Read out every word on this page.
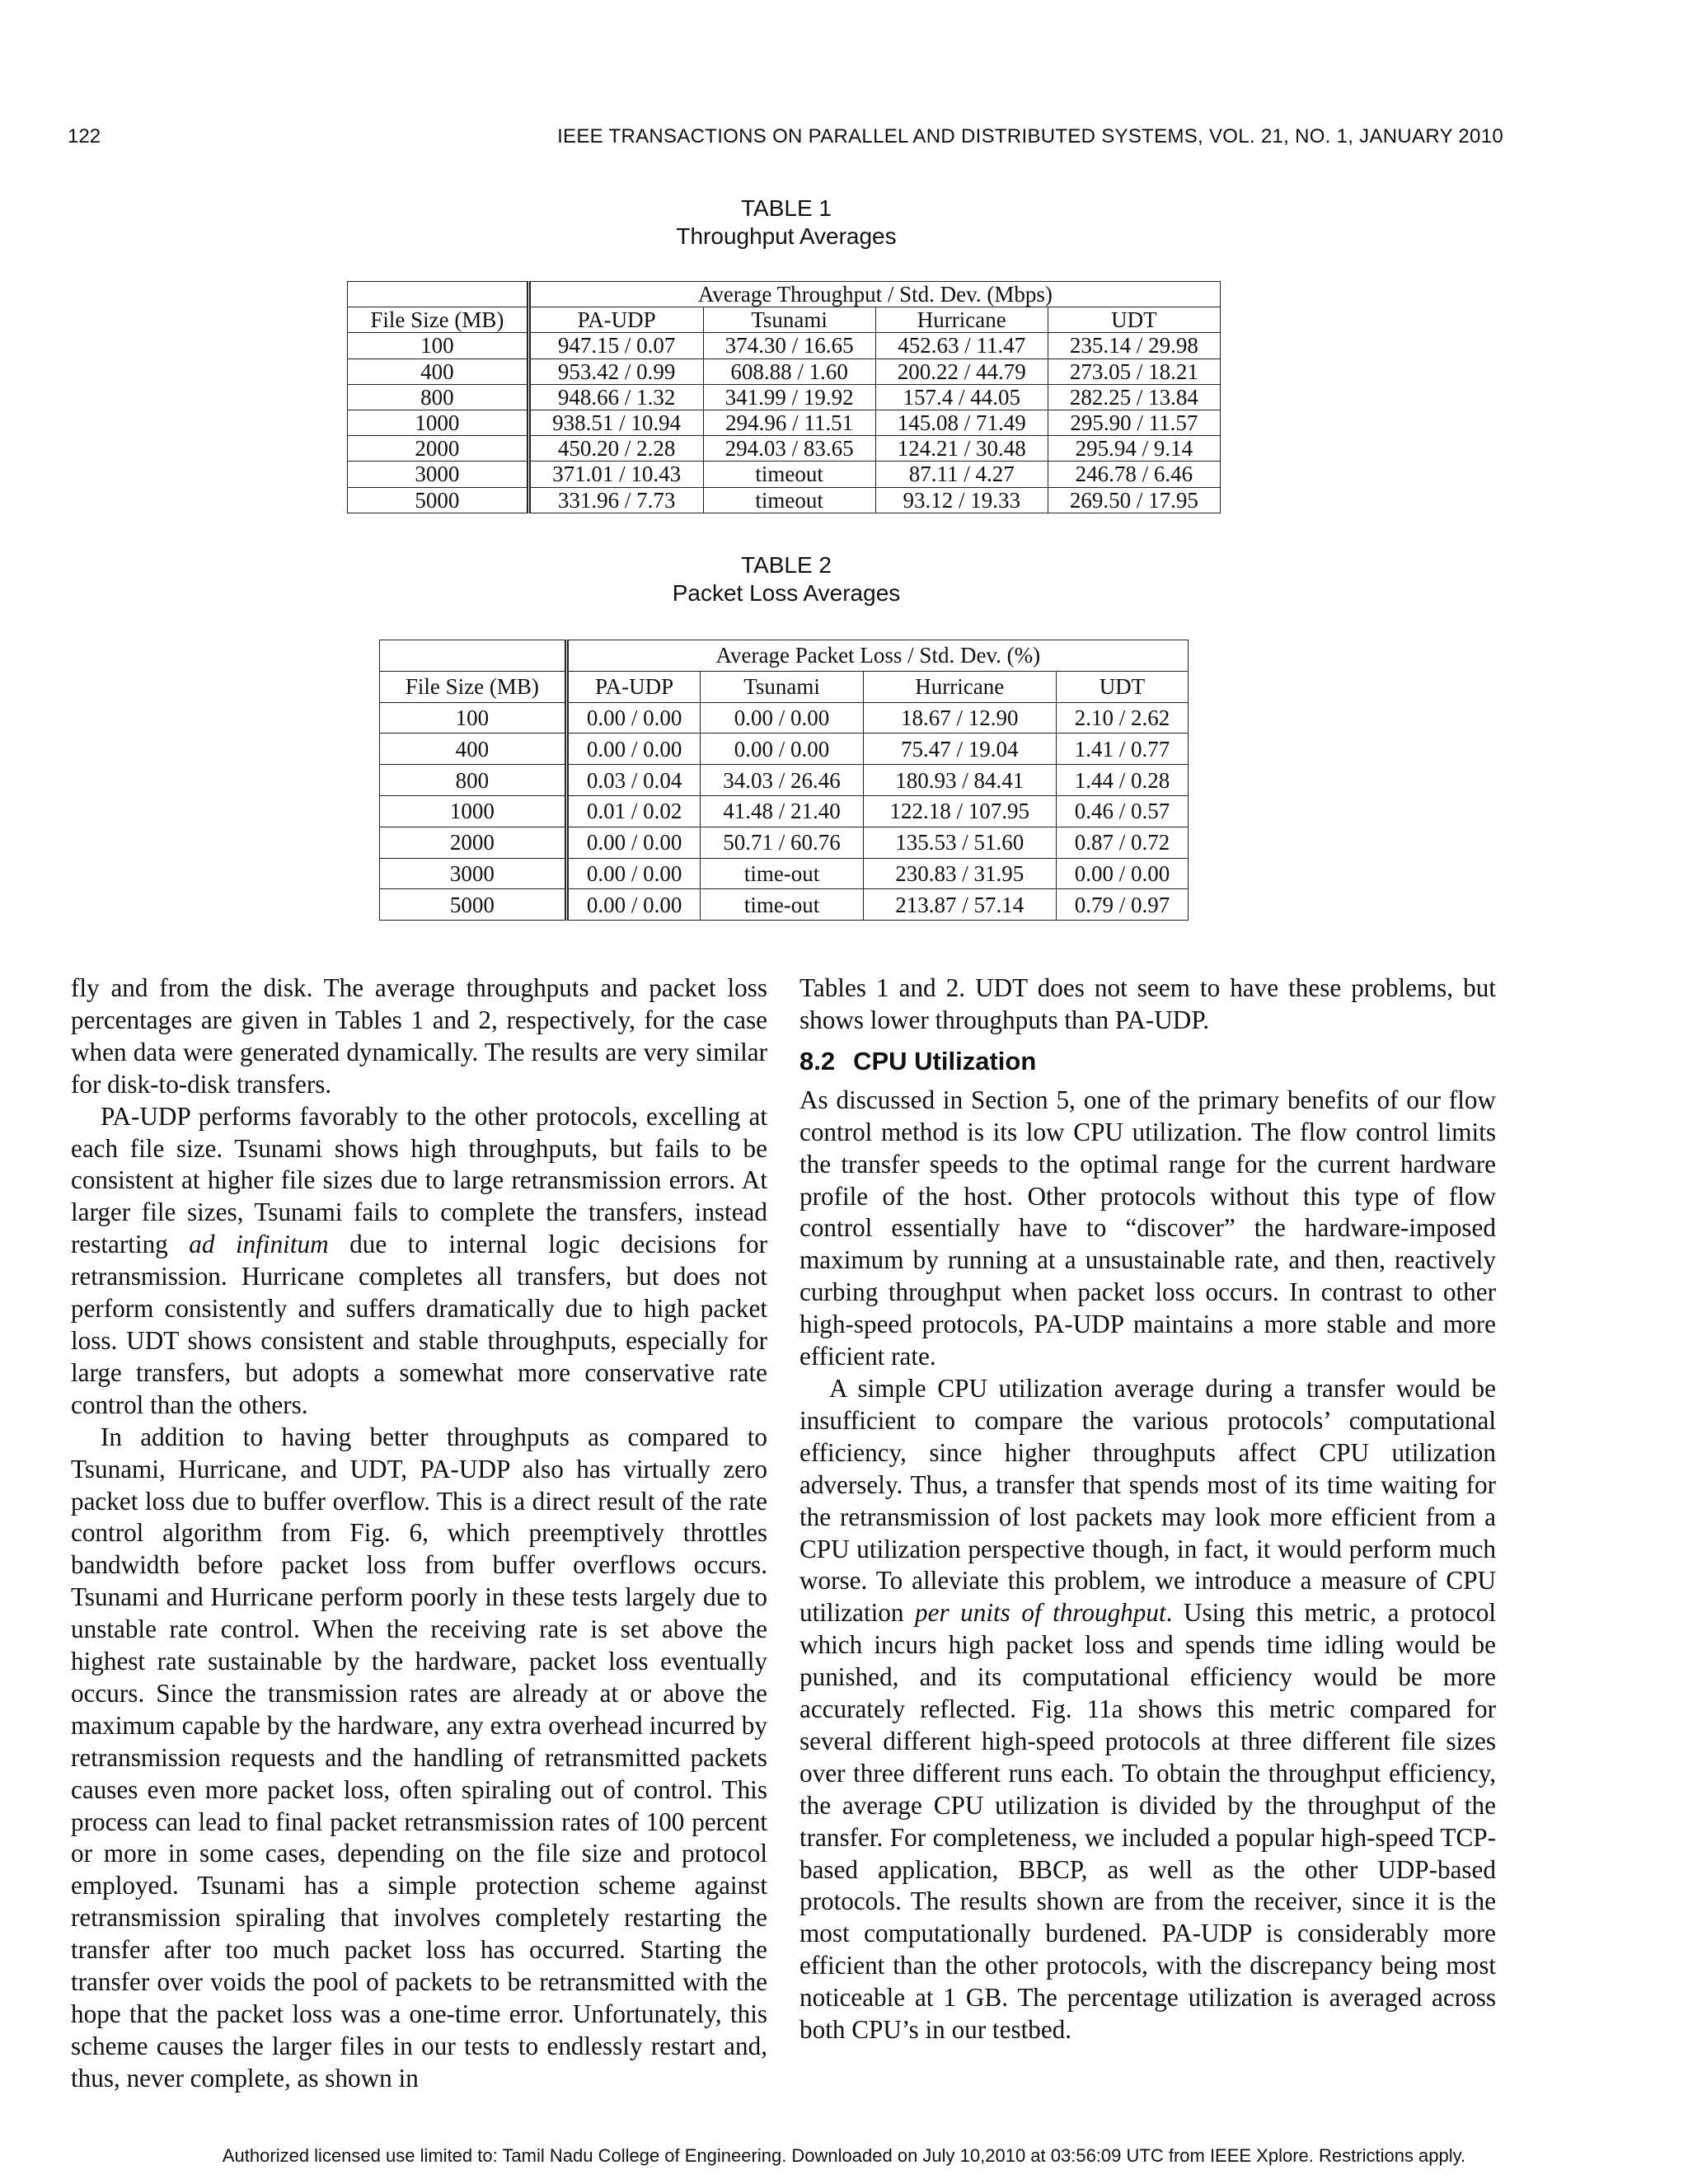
122	IEEE TRANSACTIONS ON PARALLEL AND DISTRIBUTED SYSTEMS, VOL. 21, NO. 1, JANUARY 2010
TABLE 1
Throughput Averages
	Average Throughput / Std. Dev. (Mbps)			
File Size (MB)	PA-UDP	Tsunami	Hurricane	UDT
100	947.15 / 0.07	374.30 / 16.65	452.63 / 11.47	235.14 / 29.98
400	953.42 / 0.99	608.88 / 1.60	200.22 / 44.79	273.05 / 18.21
800	948.66 / 1.32	341.99 / 19.92	157.4 / 44.05	282.25 / 13.84
1000	938.51 / 10.94	294.96 / 11.51	145.08 / 71.49	295.90 / 11.57
2000	450.20 / 2.28	294.03 / 83.65	124.21 / 30.48	295.94 / 9.14
3000	371.01 / 10.43	timeout	87.11 / 4.27	246.78 / 6.46
5000	331.96 / 7.73	timeout	93.12 / 19.33	269.50 / 17.95
TABLE 2
Packet Loss Averages
	Average Packet Loss / Std. Dev. (%)			
File Size (MB)	PA-UDP	Tsunami	Hurricane	UDT
100	0.00 / 0.00	0.00 / 0.00	18.67 / 12.90	2.10 / 2.62
400	0.00 / 0.00	0.00 / 0.00	75.47 / 19.04	1.41 / 0.77
800	0.03 / 0.04	34.03 / 26.46	180.93 / 84.41	1.44 / 0.28
1000	0.01 / 0.02	41.48 / 21.40	122.18 / 107.95	0.46 / 0.57
2000	0.00 / 0.00	50.71 / 60.76	135.53 / 51.60	0.87 / 0.72
3000	0.00 / 0.00	time-out	230.83 / 31.95	0.00 / 0.00
5000	0.00 / 0.00	time-out	213.87 / 57.14	0.79 / 0.97

fly and from the disk. The average throughputs and packet loss percentages are given in Tables 1 and 2, respectively, for the case when data were generated dynamically. The results are very similar for disk-to-disk transfers.

PA-UDP performs favorably to the other protocols, excelling at each file size. Tsunami shows high throughputs, but fails to be consistent at higher file sizes due to large retransmission errors. At larger file sizes, Tsunami fails to complete the transfers, instead restarting ad infinitum due to internal logic decisions for retransmission. Hurricane completes all transfers, but does not perform consistently and suffers dramatically due to high packet loss. UDT shows consistent and stable throughputs, especially for large transfers, but adopts a somewhat more conservative rate control than the others.

In addition to having better throughputs as compared to Tsunami, Hurricane, and UDT, PA-UDP also has virtually zero packet loss due to buffer overflow. This is a direct result of the rate control algorithm from Fig. 6, which preemptively throttles bandwidth before packet loss from buffer overflows occurs. Tsunami and Hurricane perform poorly in these tests largely due to unstable rate control. When the receiving rate is set above the highest rate sustainable by the hardware, packet loss eventually occurs. Since the transmission rates are already at or above the maximum capable by the hardware, any extra overhead incurred by retransmission requests and the handling of retransmitted packets causes even more packet loss, often spiraling out of control. This process can lead to final packet retransmission rates of 100 percent or more in some cases, depending on the file size and protocol employed. Tsunami has a simple protection scheme against retransmission spiraling that involves completely restarting the transfer after too much packet loss has occurred. Starting the transfer over voids the pool of packets to be retransmitted with the hope that the packet loss was a one-time error. Unfortunately, this scheme causes the larger files in our tests to endlessly restart and, thus, never complete, as shown in

Tables 1 and 2. UDT does not seem to have these problems, but shows lower throughputs than PA-UDP.

8.2 CPU Utilization

As discussed in Section 5, one of the primary benefits of our flow control method is its low CPU utilization. The flow control limits the transfer speeds to the optimal range for the current hardware profile of the host. Other protocols without this type of flow control essentially have to “discover” the hardware-imposed maximum by running at a unsustainable rate, and then, reactively curbing throughput when packet loss occurs. In contrast to other high-speed protocols, PA-UDP maintains a more stable and more efficient rate.

A simple CPU utilization average during a transfer would be insufficient to compare the various protocols’ computational efficiency, since higher throughputs affect CPU utilization adversely. Thus, a transfer that spends most of its time waiting for the retransmission of lost packets may look more efficient from a CPU utilization perspective though, in fact, it would perform much worse. To alleviate this problem, we introduce a measure of CPU utilization per units of throughput. Using this metric, a protocol which incurs high packet loss and spends time idling would be punished, and its computational efficiency would be more accurately reflected. Fig. 11a shows this metric compared for several different high-speed protocols at three different file sizes over three different runs each. To obtain the throughput efficiency, the average CPU utilization is divided by the throughput of the transfer. For completeness, we included a popular high-speed TCP-based application, BBCP, as well as the other UDP-based protocols. The results shown are from the receiver, since it is the most computationally burdened. PA-UDP is considerably more efficient than the other protocols, with the discrepancy being most noticeable at 1 GB. The percentage utilization is averaged across both CPU’s in our testbed.

Authorized licensed use limited to: Tamil Nadu College of Engineering. Downloaded on July 10,2010 at 03:56:09 UTC from IEEE Xplore. Restrictions apply.
